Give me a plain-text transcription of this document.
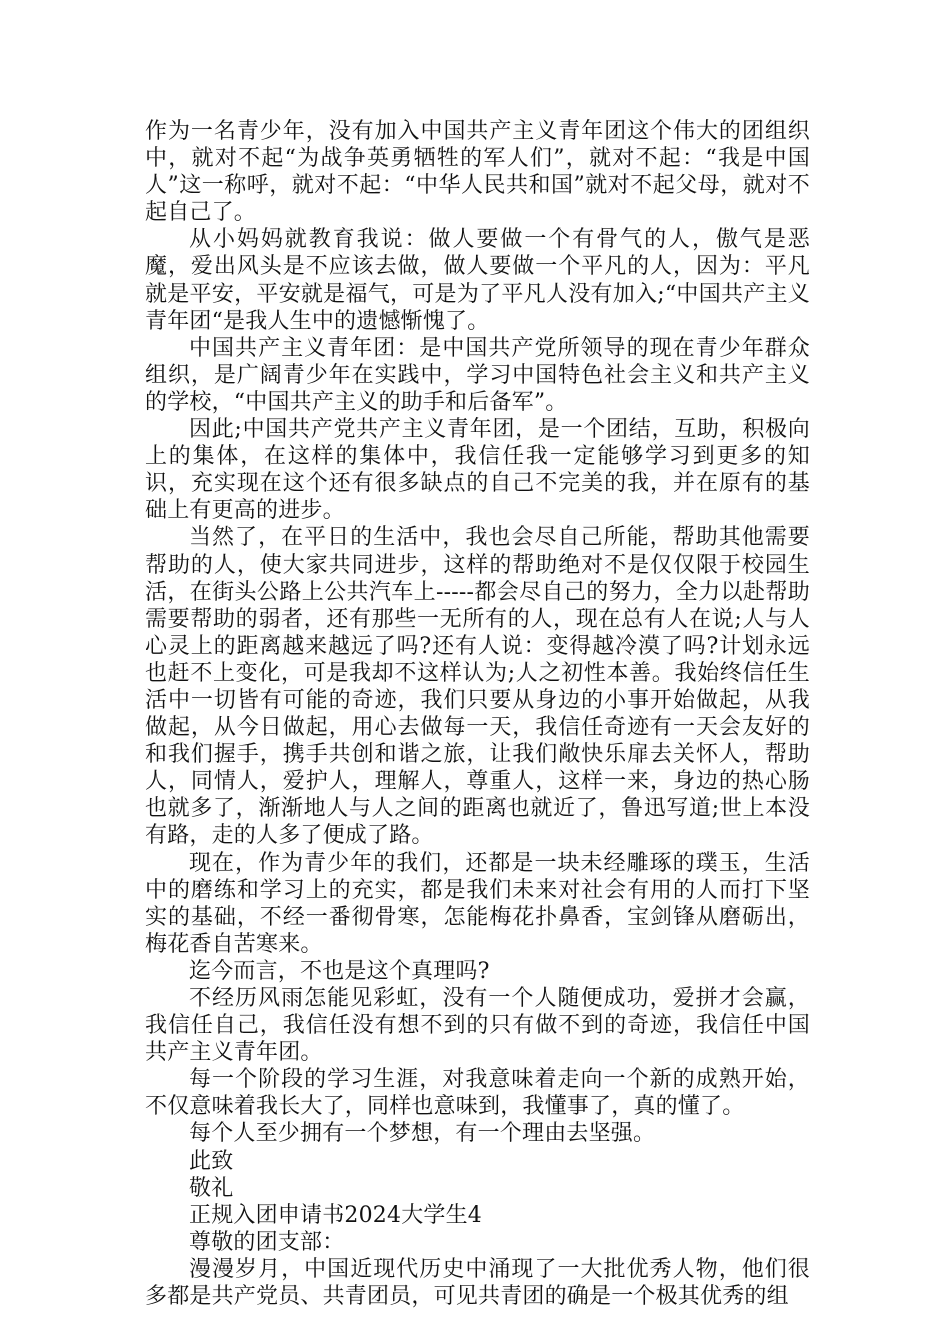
作为一名青少年，没有加入中国共产主义青年团这个伟大的团组织中，就对不起“为战争英勇牺牲的军人们”，就对不起：“我是中国人”这一称呼，就对不起：“中华人民共和国”就对不起父母，就对不起自己了。

从小妈妈就教育我说：做人要做一个有骨气的人，傲气是恶魔，爱出风头是不应该去做，做人要做一个平凡的人，因为：平凡就是平安，平安就是福气，可是为了平凡人没有加入;“中国共产主义青年团“是我人生中的遗憾惭愧了。

中国共产主义青年团：是中国共产党所领导的现在青少年群众组织，是广阔青少年在实践中，学习中国特色社会主义和共产主义的学校，“中国共产主义的助手和后备军”。

因此;中国共产党共产主义青年团，是一个团结，互助，积极向上的集体，在这样的集体中，我信任我一定能够学习到更多的知识，充实现在这个还有很多缺点的自己不完美的我，并在原有的基础上有更高的进步。

当然了，在平日的生活中，我也会尽自己所能，帮助其他需要帮助的人，使大家共同进步，这样的帮助绝对不是仅仅限于校园生活，在街头公路上公共汽车上-----都会尽自己的努力，全力以赴帮助需要帮助的弱者，还有那些一无所有的人，现在总有人在说;人与人心灵上的距离越来越远了吗?还有人说：变得越冷漠了吗?计划永远也赶不上变化，可是我却不这样认为;人之初性本善。我始终信任生活中一切皆有可能的奇迹，我们只要从身边的小事开始做起，从我做起，从今日做起，用心去做每一天，我信任奇迹有一天会友好的和我们握手，携手共创和谐之旅，让我们敞快乐扉去关怀人，帮助人，同情人，爱护人，理解人，尊重人，这样一来，身边的热心肠也就多了，渐渐地人与人之间的距离也就近了，鲁迅写道;世上本没有路，走的人多了便成了路。

现在，作为青少年的我们，还都是一块未经雕琢的璞玉，生活中的磨练和学习上的充实，都是我们未来对社会有用的人而打下坚实的基础，不经一番彻骨寒，怎能梅花扑鼻香，宝剑锋从磨砺出，梅花香自苦寒来。

迄今而言，不也是这个真理吗?

不经历风雨怎能见彩虹，没有一个人随便成功，爱拼才会赢，我信任自己，我信任没有想不到的只有做不到的奇迹，我信任中国共产主义青年团。

每一个阶段的学习生涯，对我意味着走向一个新的成熟开始，不仅意味着我长大了，同样也意味到，我懂事了，真的懂了。

每个人至少拥有一个梦想，有一个理由去坚强。

此致

敬礼

正规入团申请书2024大学生4

尊敬的团支部：

漫漫岁月，中国近现代历史中涌现了一大批优秀人物，他们很多都是共产党员、共青团员，可见共青团的确是一个极其优秀的组
